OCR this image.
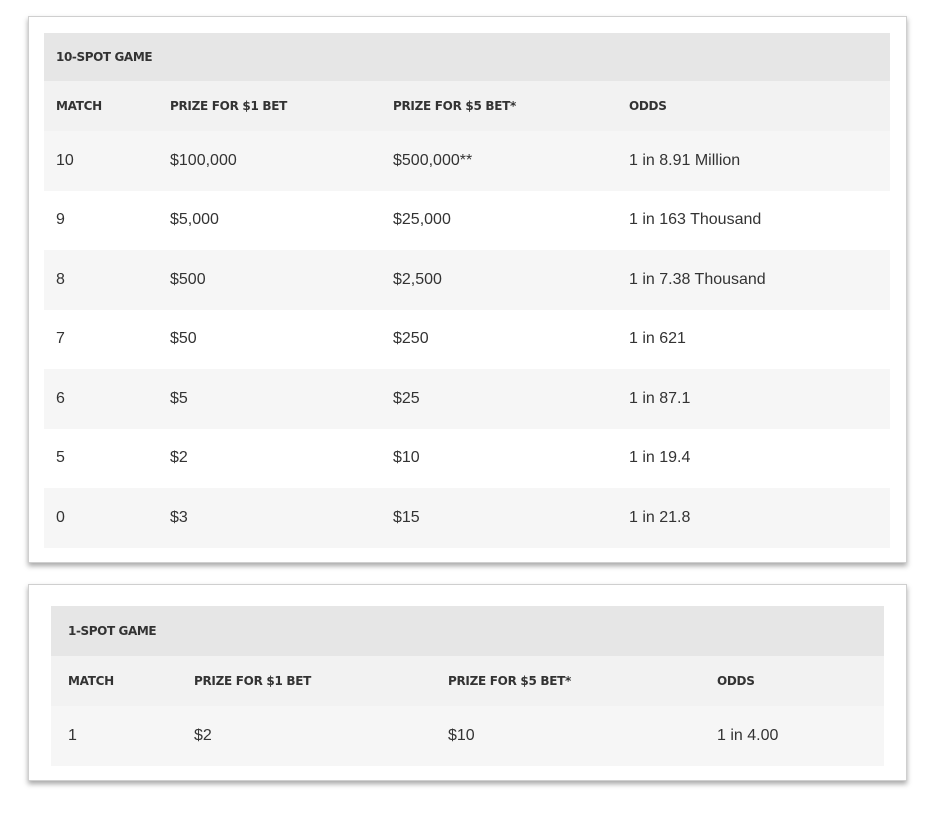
10-SPOT GAME			
MATCH	PRIZE FOR $1 BET	PRIZE FOR $5 BET*	ODDS
10	$100,000	$500,000**	1 in 8.91 Million
9	$5,000	$25,000	1 in 163 Thousand
8	$500	$2,500	1 in 7.38 Thousand
7	$50	$250	1 in 621
6	$5	$25	1 in 87.1
5	$2	$10	1 in 19.4
0	$3	$15	1 in 21.8
1-SPOT GAME			
MATCH	PRIZE FOR $1 BET	PRIZE FOR $5 BET*	ODDS
1	$2	$10	1 in 4.00
